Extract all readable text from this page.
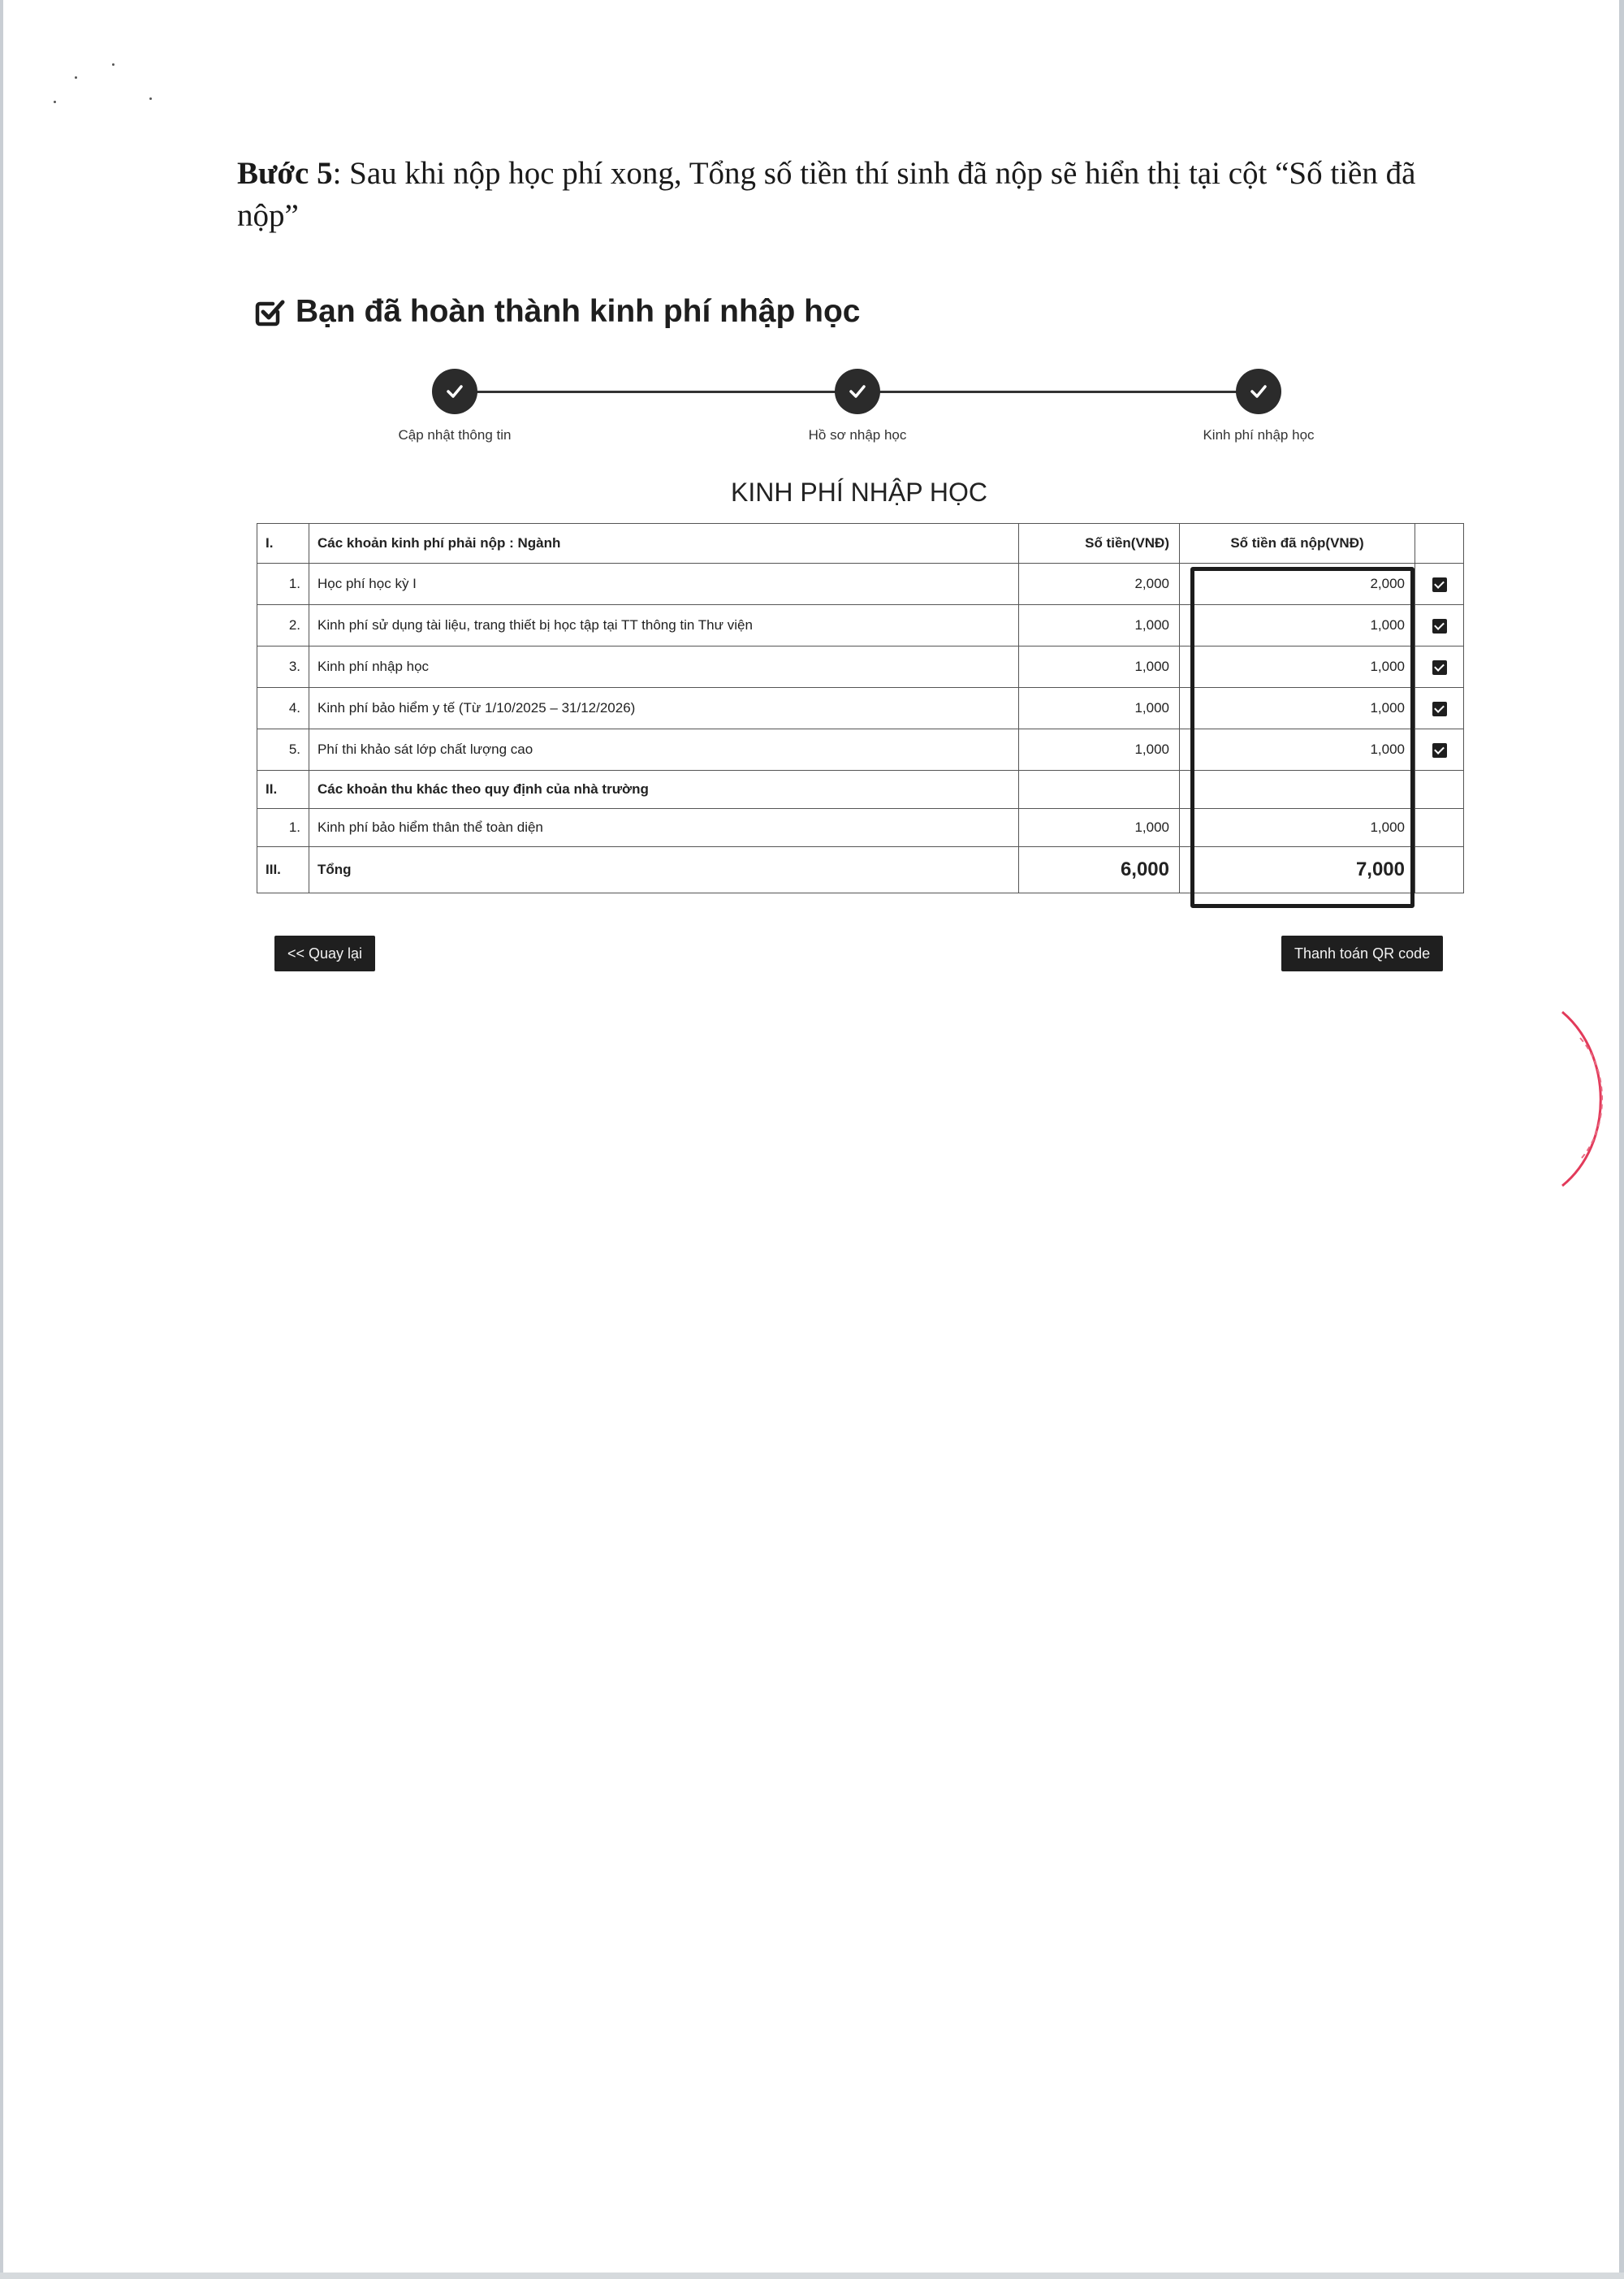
Bước 5: Sau khi nộp học phí xong, Tổng số tiền thí sinh đã nộp sẽ hiển thị tại cột “Số tiền đã nộp”
Bạn đã hoàn thành kinh phí nhập học
Cập nhật thông tin	Hồ sơ nhập học	Kinh phí nhập học
KINH PHÍ NHẬP HỌC
I.	Các khoản kinh phí phải nộp : Ngành	Số tiền(VNĐ)	Số tiền đã nộp(VNĐ)	
1.	Học phí học kỳ I	2,000	2,000	
2.	Kinh phí sử dụng tài liệu, trang thiết bị học tập tại TT thông tin Thư viện	1,000	1,000	
3.	Kinh phí nhập học	1,000	1,000	
4.	Kinh phí bảo hiểm y tế (Từ 1/10/2025 – 31/12/2026)	1,000	1,000	
5.	Phí thi khảo sát lớp chất lượng cao	1,000	1,000	
II.	Các khoản thu khác theo quy định của nhà trường			
1.	Kinh phí bảo hiểm thân thể toàn diện	1,000	1,000	
III.	Tổng	6,000	7,000	
<< Quay lại	Thanh toán QR code
